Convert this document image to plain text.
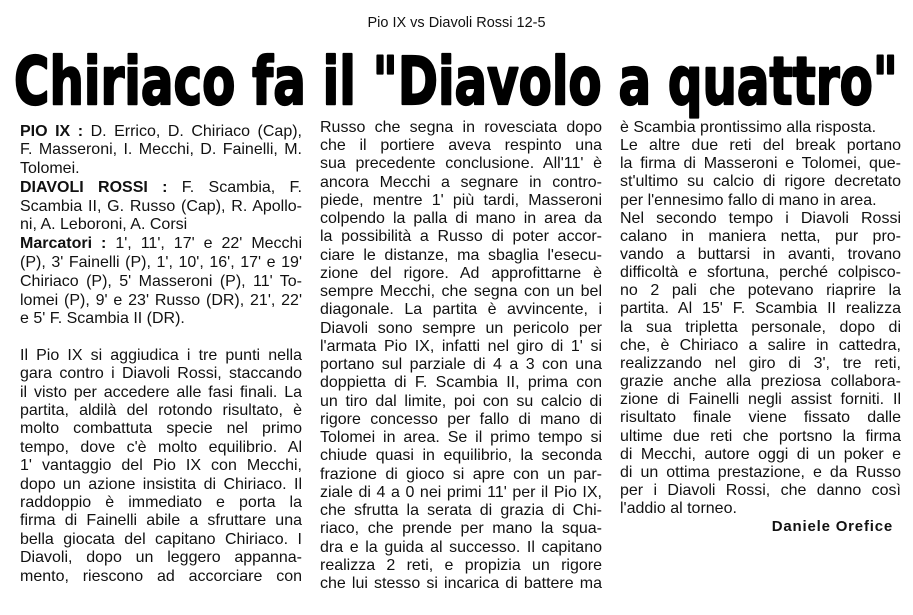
Pio IX vs Diavoli Rossi 12-5
Chiriaco fa il "Diavolo a quattro"
PIO IX : D. Errico, D. Chiriaco (Cap),
F. Masseroni, I. Mecchi, D. Fainelli, M.
Tolomei.
DIAVOLI ROSSI : F. Scambia, F.
Scambia II, G. Russo (Cap), R. Apollo-
ni, A. Leboroni, A. Corsi
Marcatori : 1', 11', 17' e 22' Mecchi
(P), 3' Fainelli (P), 1', 10', 16', 17' e 19'
Chiriaco (P), 5' Masseroni (P), 11' To-
lomei (P), 9' e 23' Russo (DR), 21', 22'
e 5' F. Scambia II (DR).
Il Pio IX si aggiudica i tre punti nella
gara contro i Diavoli Rossi, staccando
il visto per accedere alle fasi finali. La
partita, aldilà del rotondo risultato, è
molto combattuta specie nel primo
tempo, dove c'è molto equilibrio. Al
1' vantaggio del Pio IX con Mecchi,
dopo un azione insistita di Chiriaco. Il
raddoppio è immediato e porta la
firma di Fainelli abile a sfruttare una
bella giocata del capitano Chiriaco. I
Diavoli, dopo un leggero appanna-
mento, riescono ad accorciare con
Russo che segna in rovesciata dopo
che il portiere aveva respinto una
sua precedente conclusione. All'11' è
ancora Mecchi a segnare in contro-
piede, mentre 1' più tardi, Masseroni
colpendo la palla di mano in area da
la possibilità a Russo di poter accor-
ciare le distanze, ma sbaglia l'esecu-
zione del rigore. Ad approfittarne è
sempre Mecchi, che segna con un bel
diagonale. La partita è avvincente, i
Diavoli sono sempre un pericolo per
l'armata Pio IX, infatti nel giro di 1' si
portano sul parziale di 4 a 3 con una
doppietta di F. Scambia II, prima con
un tiro dal limite, poi con su calcio di
rigore concesso per fallo di mano di
Tolomei in area. Se il primo tempo si
chiude quasi in equilibrio, la seconda
frazione di gioco si apre con un par-
ziale di 4 a 0 nei primi 11' per il Pio IX,
che sfrutta la serata di grazia di Chi-
riaco, che prende per mano la squa-
dra e la guida al successo. Il capitano
realizza 2 reti, e propizia un rigore
che lui stesso si incarica di battere ma
è Scambia prontissimo alla risposta.
Le altre due reti del break portano
la firma di Masseroni e Tolomei, que-
st'ultimo su calcio di rigore decretato
per l'ennesimo fallo di mano in area.
Nel secondo tempo i Diavoli Rossi
calano in maniera netta, pur pro-
vando a buttarsi in avanti, trovano
difficoltà e sfortuna, perché colpisco-
no 2 pali che potevano riaprire la
partita. Al 15' F. Scambia II realizza
la sua tripletta personale, dopo di
che, è Chiriaco a salire in cattedra,
realizzando nel giro di 3', tre reti,
grazie anche alla preziosa collabora-
zione di Fainelli negli assist forniti. Il
risultato finale viene fissato dalle
ultime due reti che portsno la firma
di Mecchi, autore oggi di un poker e
di un ottima prestazione, e da Russo
per i Diavoli Rossi, che danno così
l'addio al torneo.
Daniele Orefice
